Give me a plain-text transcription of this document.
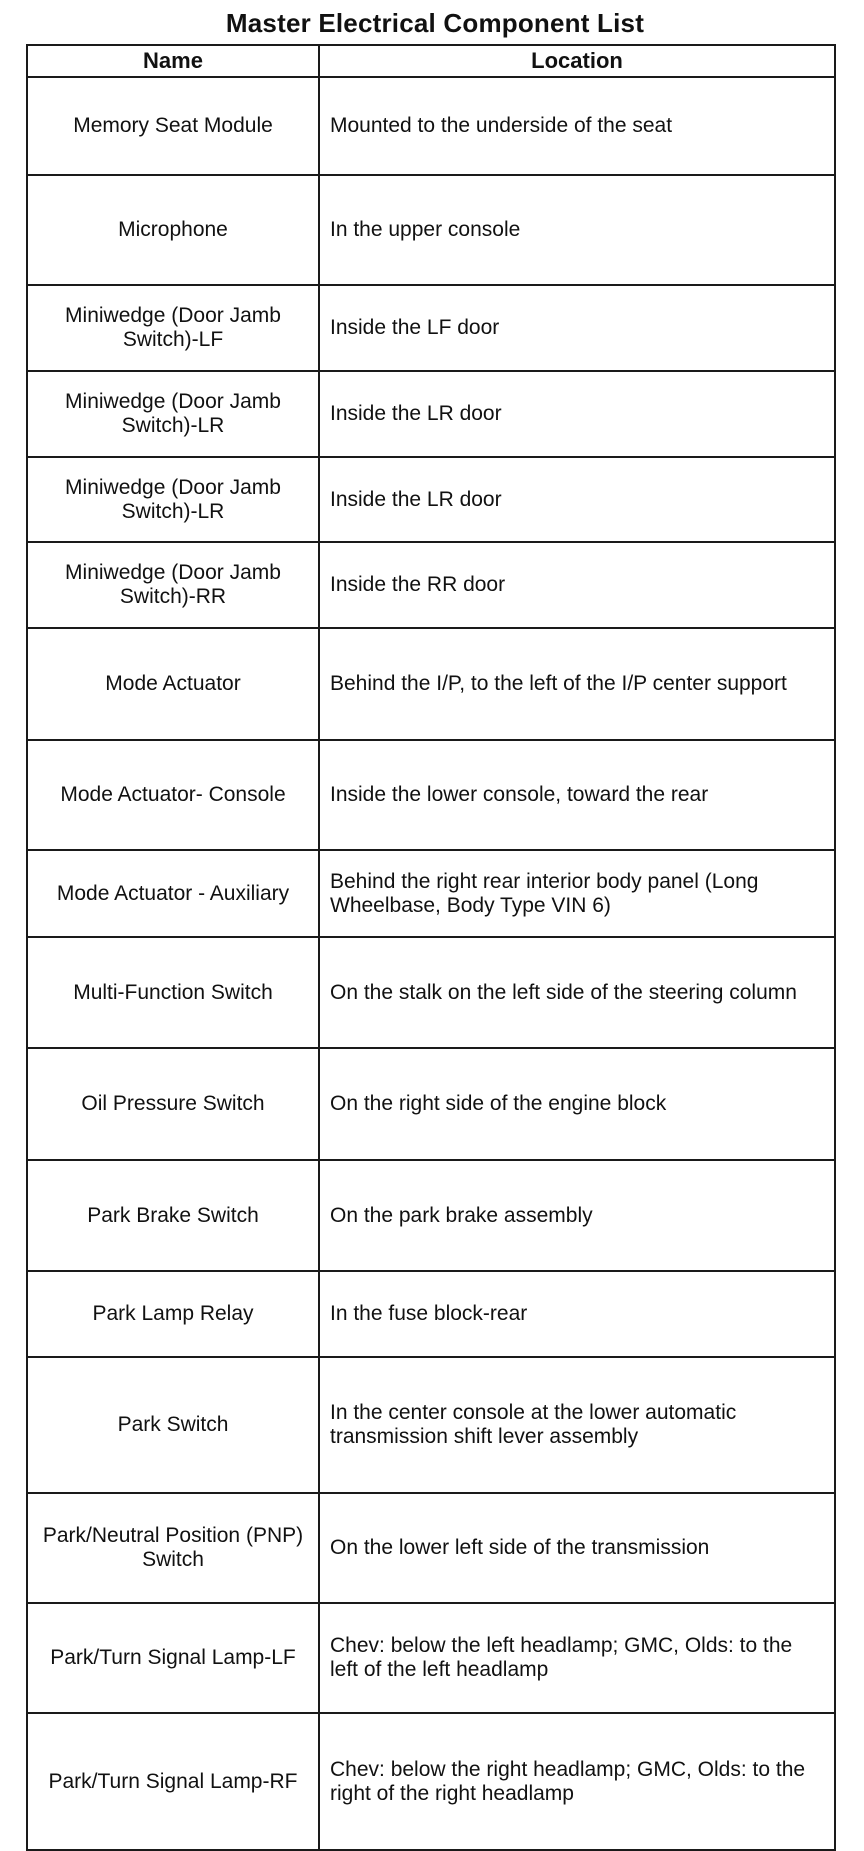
Master Electrical Component List
Name	Location
Memory Seat Module	Mounted to the underside of the seat
Microphone	In the upper console
Miniwedge (Door Jamb Switch)-LF	Inside the LF door
Miniwedge (Door Jamb Switch)-LR	Inside the LR door
Miniwedge (Door Jamb Switch)-LR	Inside the LR door
Miniwedge (Door Jamb Switch)-RR	Inside the RR door
Mode Actuator	Behind the I/P, to the left of the I/P center support
Mode Actuator- Console	Inside the lower console, toward the rear
Mode Actuator - Auxiliary	Behind the right rear interior body panel (Long Wheelbase, Body Type VIN 6)
Multi-Function Switch	On the stalk on the left side of the steering column
Oil Pressure Switch	On the right side of the engine block
Park Brake Switch	On the park brake assembly
Park Lamp Relay	In the fuse block-rear
Park Switch	In the center console at the lower automatic transmission shift lever assembly
Park/Neutral Position (PNP) Switch	On the lower left side of the transmission
Park/Turn Signal Lamp-LF	Chev: below the left headlamp; GMC, Olds: to the left of the left headlamp
Park/Turn Signal Lamp-RF	Chev: below the right headlamp; GMC, Olds: to the right of the right headlamp
